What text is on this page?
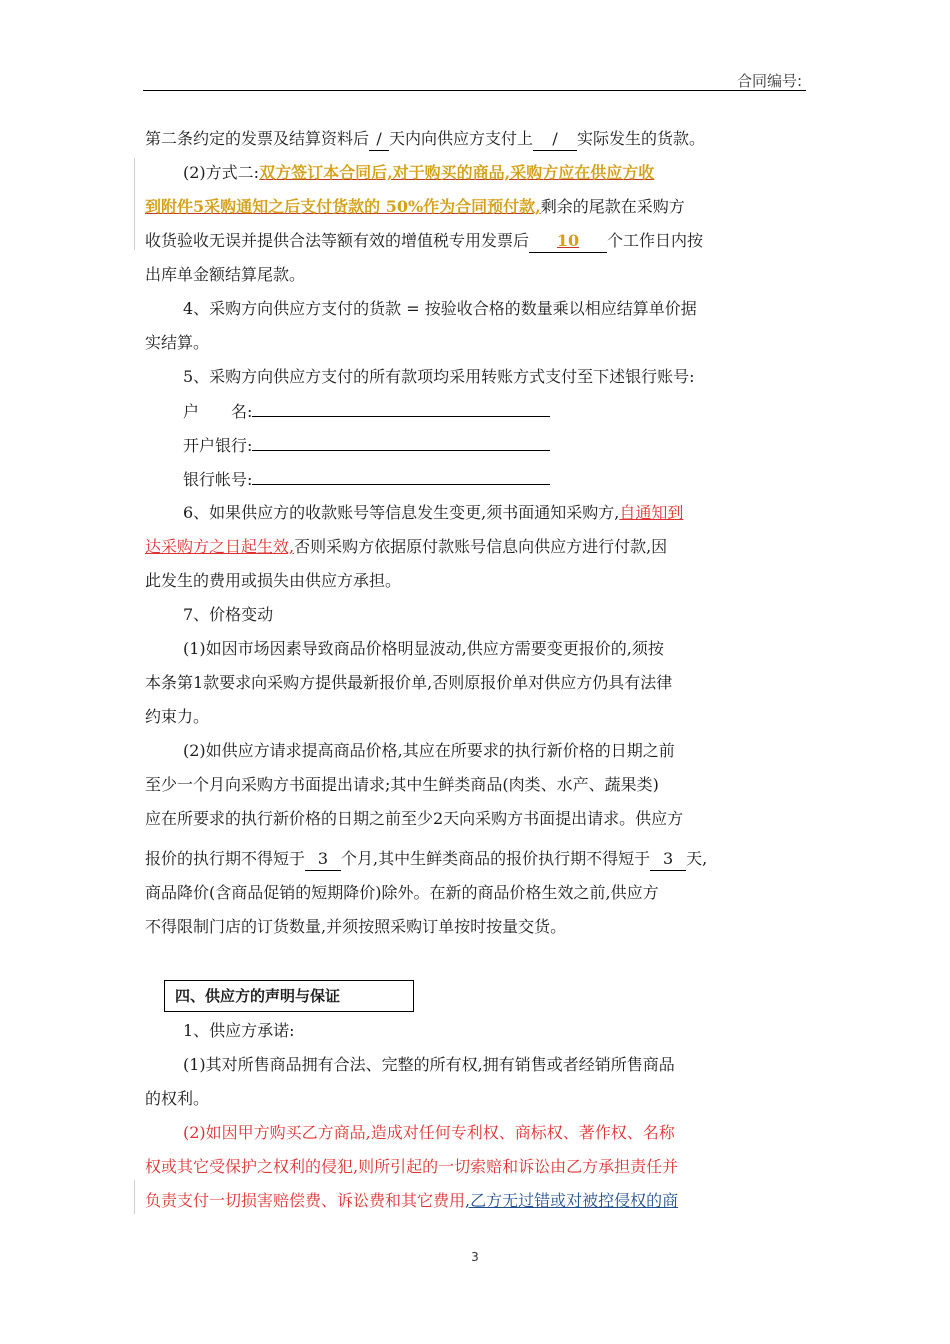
合同编号:
第二条约定的发票及结算资料后 / 天内向供应方支付上 / 实际发生的货款。
(2)方式二:双方签订本合同后,对于购买的商品,采购方应在供应方收
到附件5采购通知之后支付货款的 50%作为合同预付款,剩余的尾款在采购方
收货验收无误并提供合法等额有效的增值税专用发票后 10 个工作日内按
出库单金额结算尾款。
4、采购方向供应方支付的货款 = 按验收合格的数量乘以相应结算单价据
实结算。
5、采购方向供应方支付的所有款项均采用转账方式支付至下述银行账号:
户　　名:
开户银行:
银行帐号:
6、如果供应方的收款账号等信息发生变更,须书面通知采购方,自通知到
达采购方之日起生效,否则采购方依据原付款账号信息向供应方进行付款,因
此发生的费用或损失由供应方承担。
7、价格变动
(1)如因市场因素导致商品价格明显波动,供应方需要变更报价的,须按
本条第1款要求向采购方提供最新报价单,否则原报价单对供应方仍具有法律
约束力。
(2)如供应方请求提高商品价格,其应在所要求的执行新价格的日期之前
至少一个月向采购方书面提出请求;其中生鲜类商品(肉类、水产、蔬果类)
应在所要求的执行新价格的日期之前至少2天向采购方书面提出请求。供应方
报价的执行期不得短于 3 个月,其中生鲜类商品的报价执行期不得短于 3 天,
商品降价(含商品促销的短期降价)除外。在新的商品价格生效之前,供应方
不得限制门店的订货数量,并须按照采购订单按时按量交货。
四、供应方的声明与保证
1、供应方承诺:
(1)其对所售商品拥有合法、完整的所有权,拥有销售或者经销所售商品
的权利。
(2)如因甲方购买乙方商品,造成对任何专利权、商标权、著作权、名称
权或其它受保护之权利的侵犯,则所引起的一切索赔和诉讼由乙方承担责任并
负责支付一切损害赔偿费、诉讼费和其它费用,乙方无过错或对被控侵权的商
3
